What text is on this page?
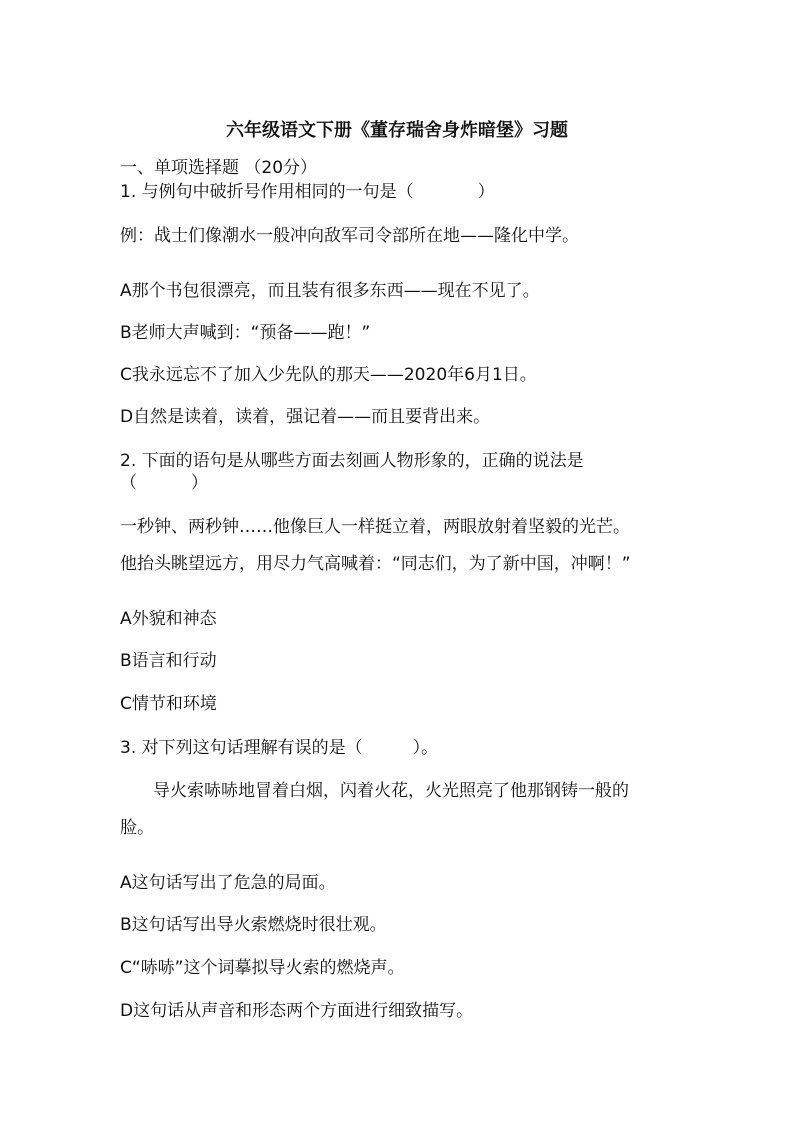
六年级语文下册《董存瑞舍身炸暗堡》习题
一、单项选择题 （20分）
1. 与例句中破折号作用相同的一句是（	）
例：战士们像潮水一般冲向敌军司令部所在地——隆化中学。
A那个书包很漂亮，而且装有很多东西——现在不见了。
B老师大声喊到：“预备——跑！”
C我永远忘不了加入少先队的那天——2020年6月1日。
D自然是读着，读着，强记着——而且要背出来。
2. 下面的语句是从哪些方面去刻画人物形象的，正确的说法是
（	）
一秒钟、两秒钟……他像巨人一样挺立着，两眼放射着坚毅的光芒。
他抬头眺望远方，用尽力气高喊着：“同志们，为了新中国，冲啊！”
A外貌和神态
B语言和行动
C情节和环境
3. 对下列这句话理解有误的是（	）。
导火索哧哧地冒着白烟，闪着火花，火光照亮了他那钢铸一般的
脸。
A这句话写出了危急的局面。
B这句话写出导火索燃烧时很壮观。
C“哧哧”这个词摹拟导火索的燃烧声。
D这句话从声音和形态两个方面进行细致描写。
